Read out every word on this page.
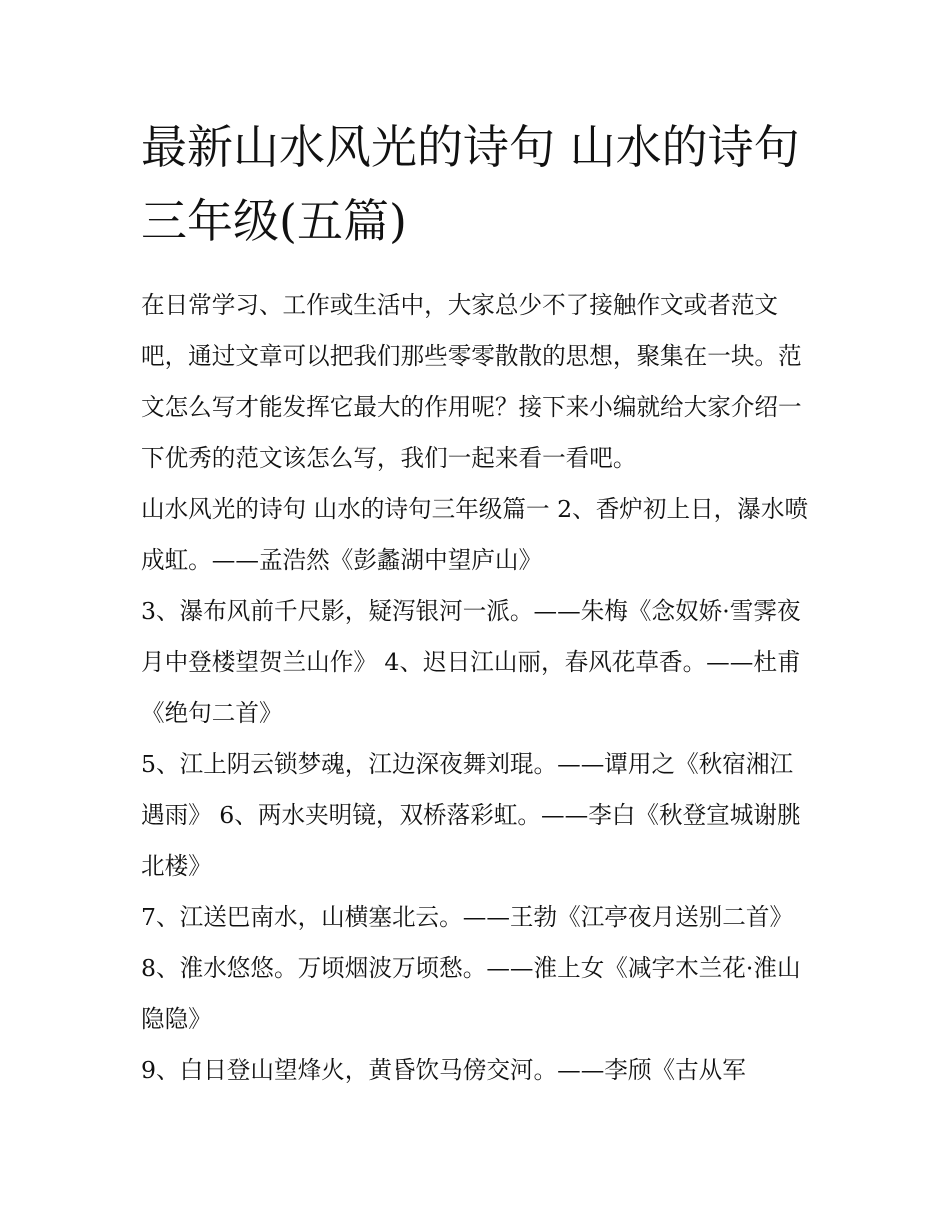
最新山水风光的诗句 山水的诗句三年级(五篇)

在日常学习、工作或生活中，大家总少不了接触作文或者范文吧，通过文章可以把我们那些零零散散的思想，聚集在一块。范文怎么写才能发挥它最大的作用呢？接下来小编就给大家介绍一下优秀的范文该怎么写，我们一起来看一看吧。

山水风光的诗句 山水的诗句三年级篇一 2、香炉初上日，瀑水喷成虹。——孟浩然《彭蠡湖中望庐山》

3、瀑布风前千尺影，疑泻银河一派。——朱梅《念奴娇·雪霁夜月中登楼望贺兰山作》 4、迟日江山丽，春风花草香。——杜甫《绝句二首》

5、江上阴云锁梦魂，江边深夜舞刘琨。——谭用之《秋宿湘江遇雨》 6、两水夹明镜，双桥落彩虹。——李白《秋登宣城谢朓北楼》

7、江送巴南水，山横塞北云。——王勃《江亭夜月送别二首》 8、淮水悠悠。万顷烟波万顷愁。——淮上女《减字木兰花·淮山隐隐》

9、白日登山望烽火，黄昏饮马傍交河。——李颀《古从军
